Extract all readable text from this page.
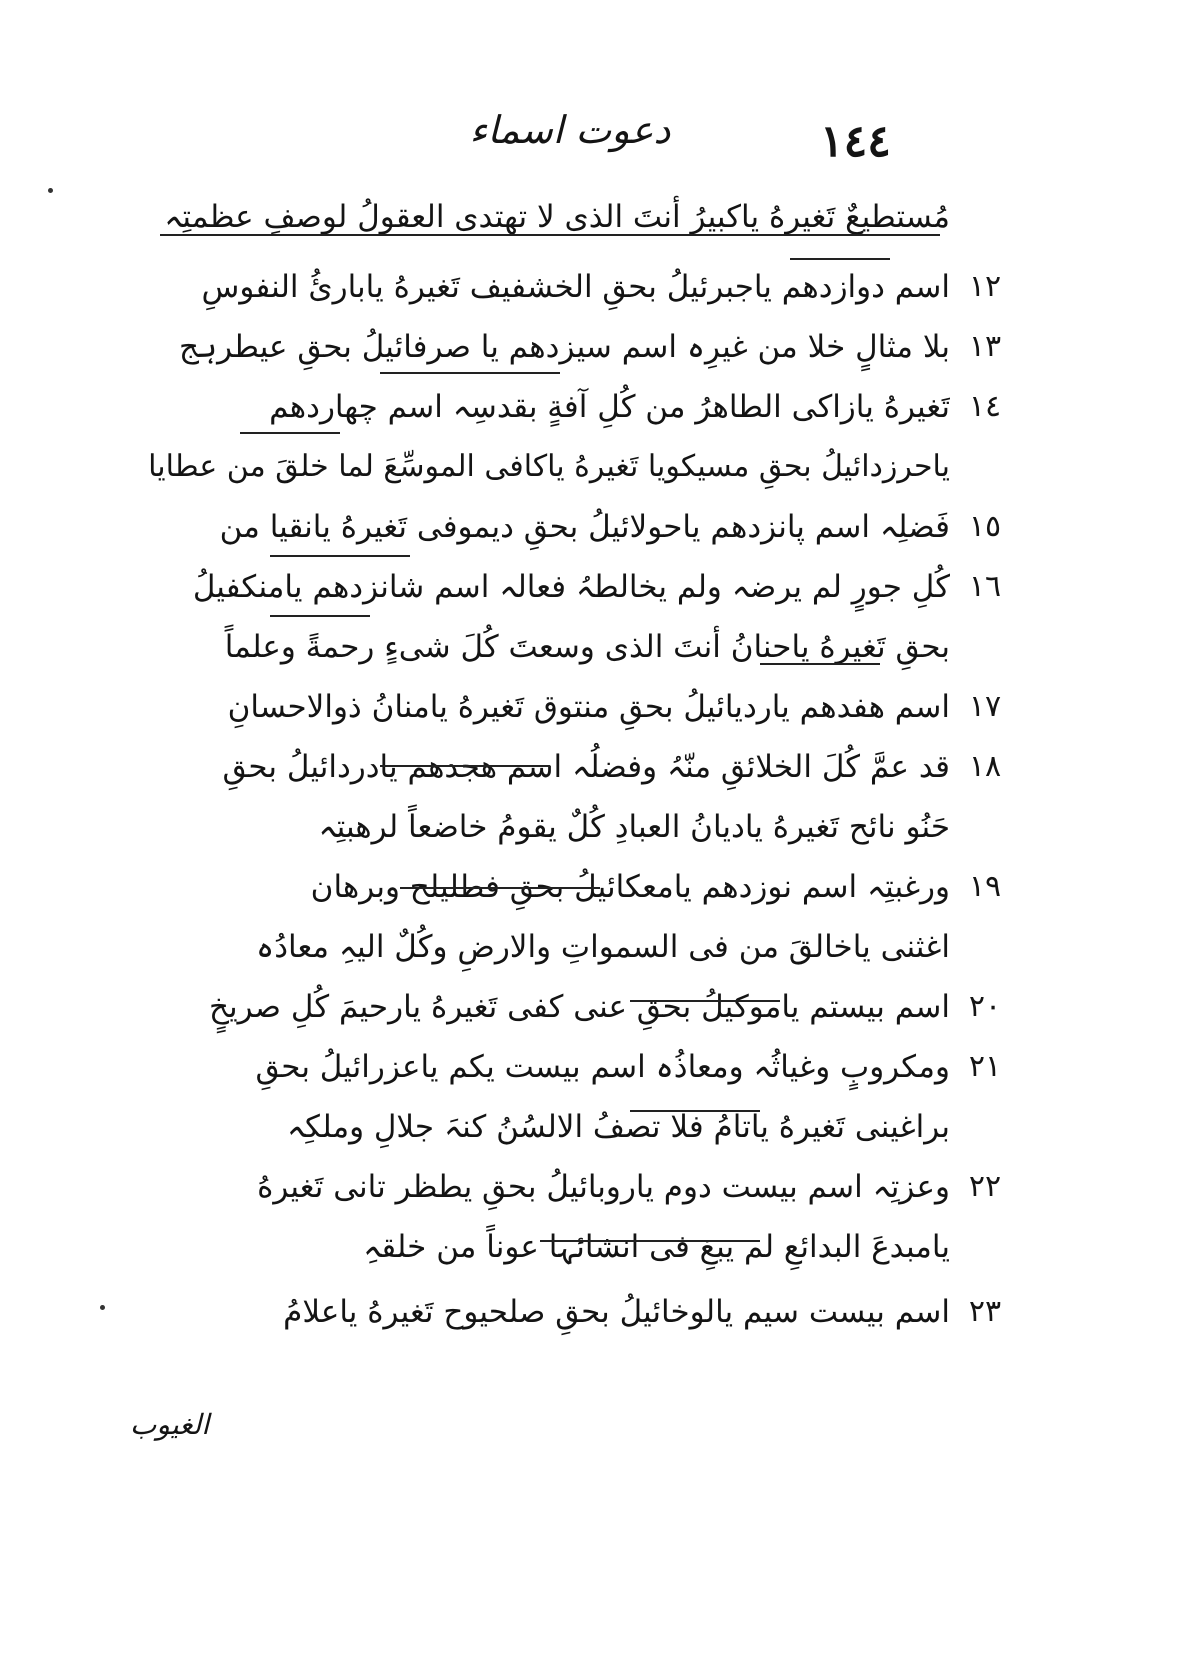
دعوت اسماء	١٤٤
مُستطیعٌ تَغیرهُ یاکبیرُ أنتَ الذی لا تهتدی العقولُ لوصفِ عظمتِہ
اسم دوازدهم یاجبرئیلُ بحقِ الخشفیف تَغیرهُ یابارئُ النفوسِ ١٢
بلا مثالٍ خلا من غیرِہ اسم سیزدهم یا صرفائیلُ بحقِ عیطرہج ١٣
تَغیرهُ یازاکی الطاهرُ من کُلِ آفةٍ بقدسِہ اسم چهاردهم ١٤
یاحرزدائیلُ بحقِ مسیکویا تَغیرهُ یاکافی الموسِّعَ لما خلقَ من عطایا
فَضلِہ اسم پانزدهم یاحولائیلُ بحقِ دیموفی تَغیرهُ یانقیا من ١٥
کُلِ جورٍ لم یرضہ ولم یخالطہُ فعالہ اسم شانزدهم یامنکفیلُ ١٦
بحقِ تَغیرهُ یاحنانُ أنتَ الذی وسعتَ کُلَ شیءٍ رحمةً وعلماً
اسم هفدهم یاردیائیلُ بحقِ منتوق تَغیرهُ یامنانُ ذوالاحسانِ ١٧
قد عمَّ کُلَ الخلائقِ منّہُ وفضلُہ اسم هجدهم یادردائیلُ بحقِ ١٨
حَنُو نائح تَغیرهُ یادیانُ العبادِ کُلٌ یقومُ خاضعاً لرهبتِہ
ورغبتِہ اسم نوزدهم یامعکائیلُ بحقِ فطلیلح وبرهان ١٩
اغثنی یاخالقَ من فی السمواتِ والارضِ وکُلٌ الیہِ معادُہ
اسم بیستم یاموکیلُ بحقِ عنی کفی تَغیرهُ یارحیمَ کُلِ صریخٍ ٢٠
ومکروبٍ وغیاثُہ ومعاذُہ اسم بیست یکم یاعزرائیلُ بحقِ ٢١
براغینی تَغیرهُ یاتامُ فلا تصفُ الالسُنُ کنہَ جلالِ وملکِہ
وعزتِہ اسم بیست دوم یاروبائیلُ بحقِ یطظر تانی تَغیرهُ ٢٢
یامبدعَ البدائعِ لم یبغِ فی انشائہا عوناً من خلقہِ
اسم بیست سیم یالوخائیلُ بحقِ صلحیوح تَغیرهُ یاعلامُ ٢٣
الغیوب
